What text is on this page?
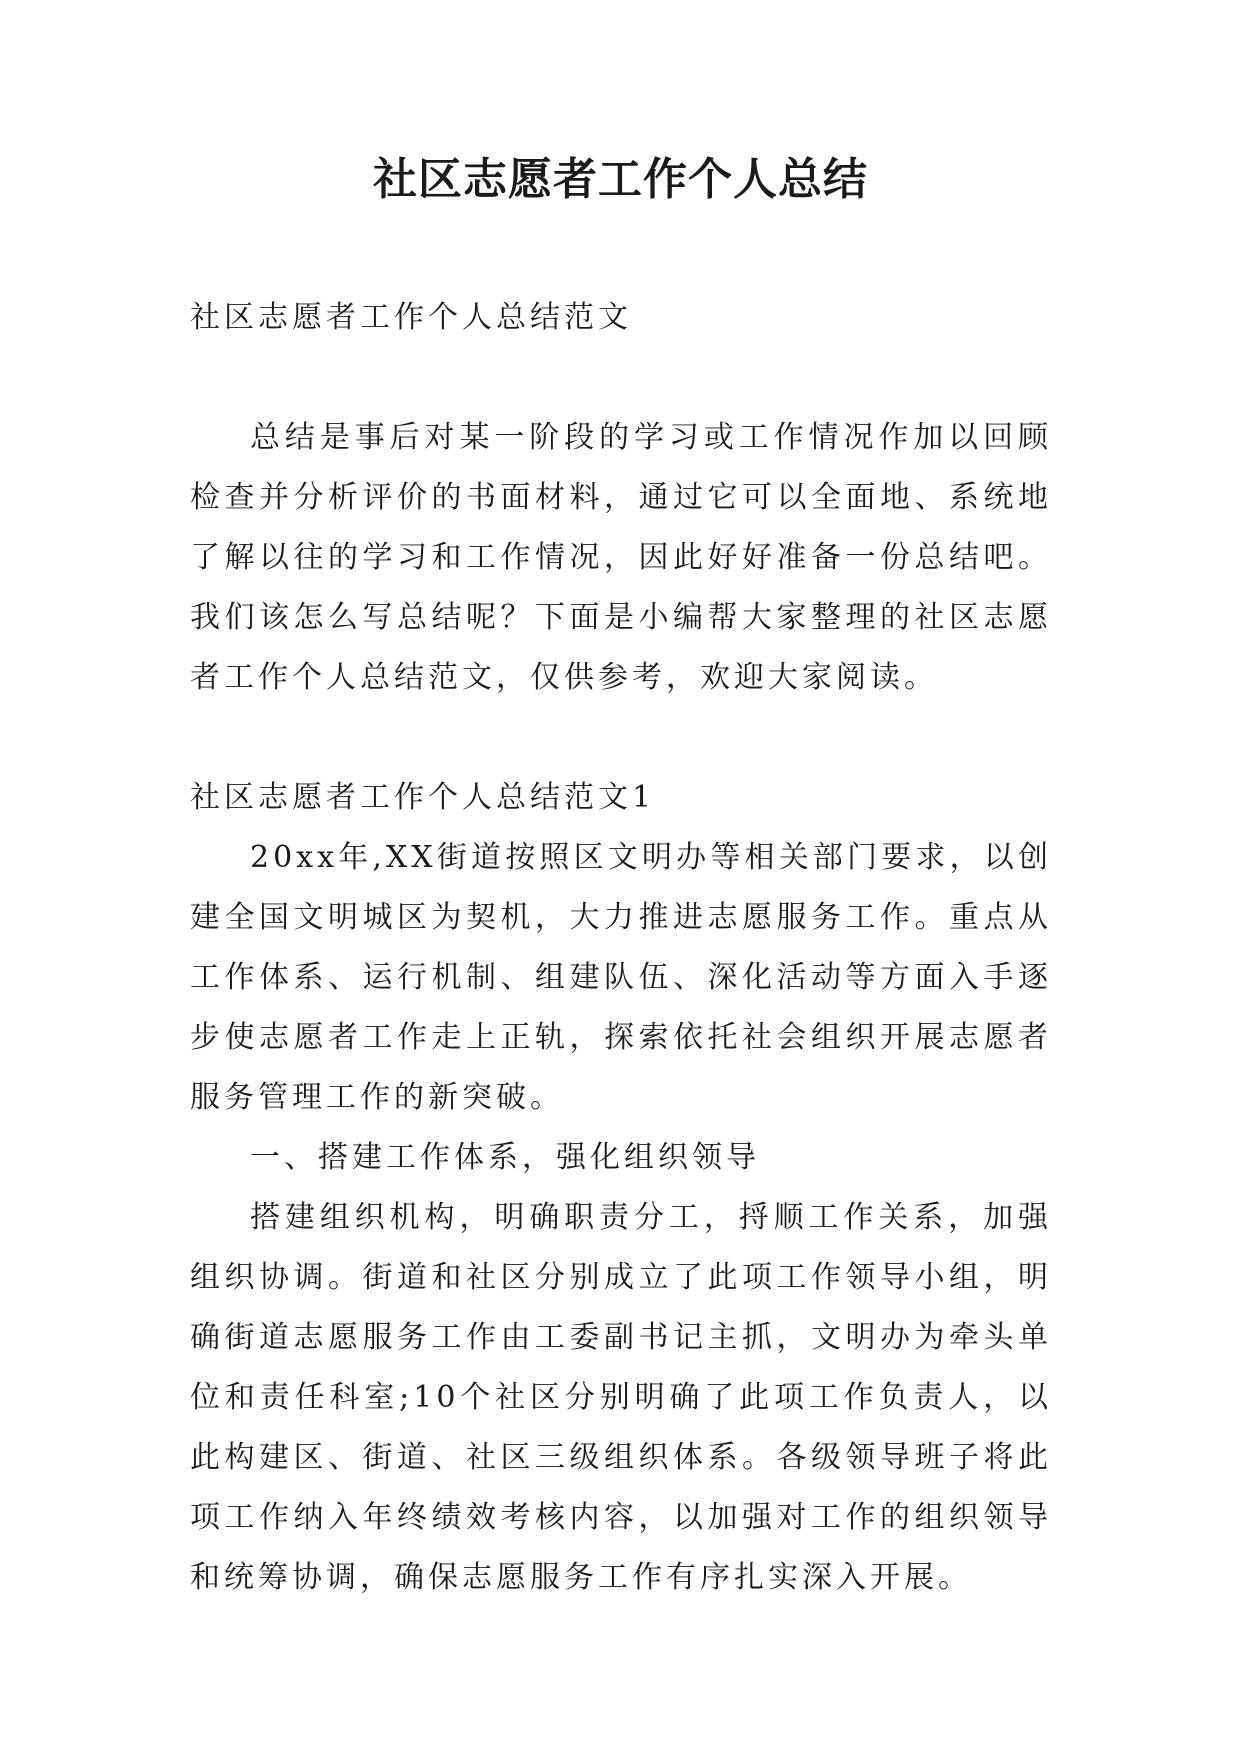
社区志愿者工作个人总结

社区志愿者工作个人总结范文

总结是事后对某一阶段的学习或工作情况作加以回顾检查并分析评价的书面材料，通过它可以全面地、系统地了解以往的学习和工作情况，因此好好准备一份总结吧。我们该怎么写总结呢？下面是小编帮大家整理的社区志愿者工作个人总结范文，仅供参考，欢迎大家阅读。

社区志愿者工作个人总结范文1

20xx年,XX街道按照区文明办等相关部门要求，以创建全国文明城区为契机，大力推进志愿服务工作。重点从工作体系、运行机制、组建队伍、深化活动等方面入手逐步使志愿者工作走上正轨，探索依托社会组织开展志愿者服务管理工作的新突破。

一、搭建工作体系，强化组织领导

搭建组织机构，明确职责分工，捋顺工作关系，加强组织协调。街道和社区分别成立了此项工作领导小组，明确街道志愿服务工作由工委副书记主抓，文明办为牵头单位和责任科室;10个社区分别明确了此项工作负责人，以此构建区、街道、社区三级组织体系。各级领导班子将此项工作纳入年终绩效考核内容，以加强对工作的组织领导和统筹协调，确保志愿服务工作有序扎实深入开展。
